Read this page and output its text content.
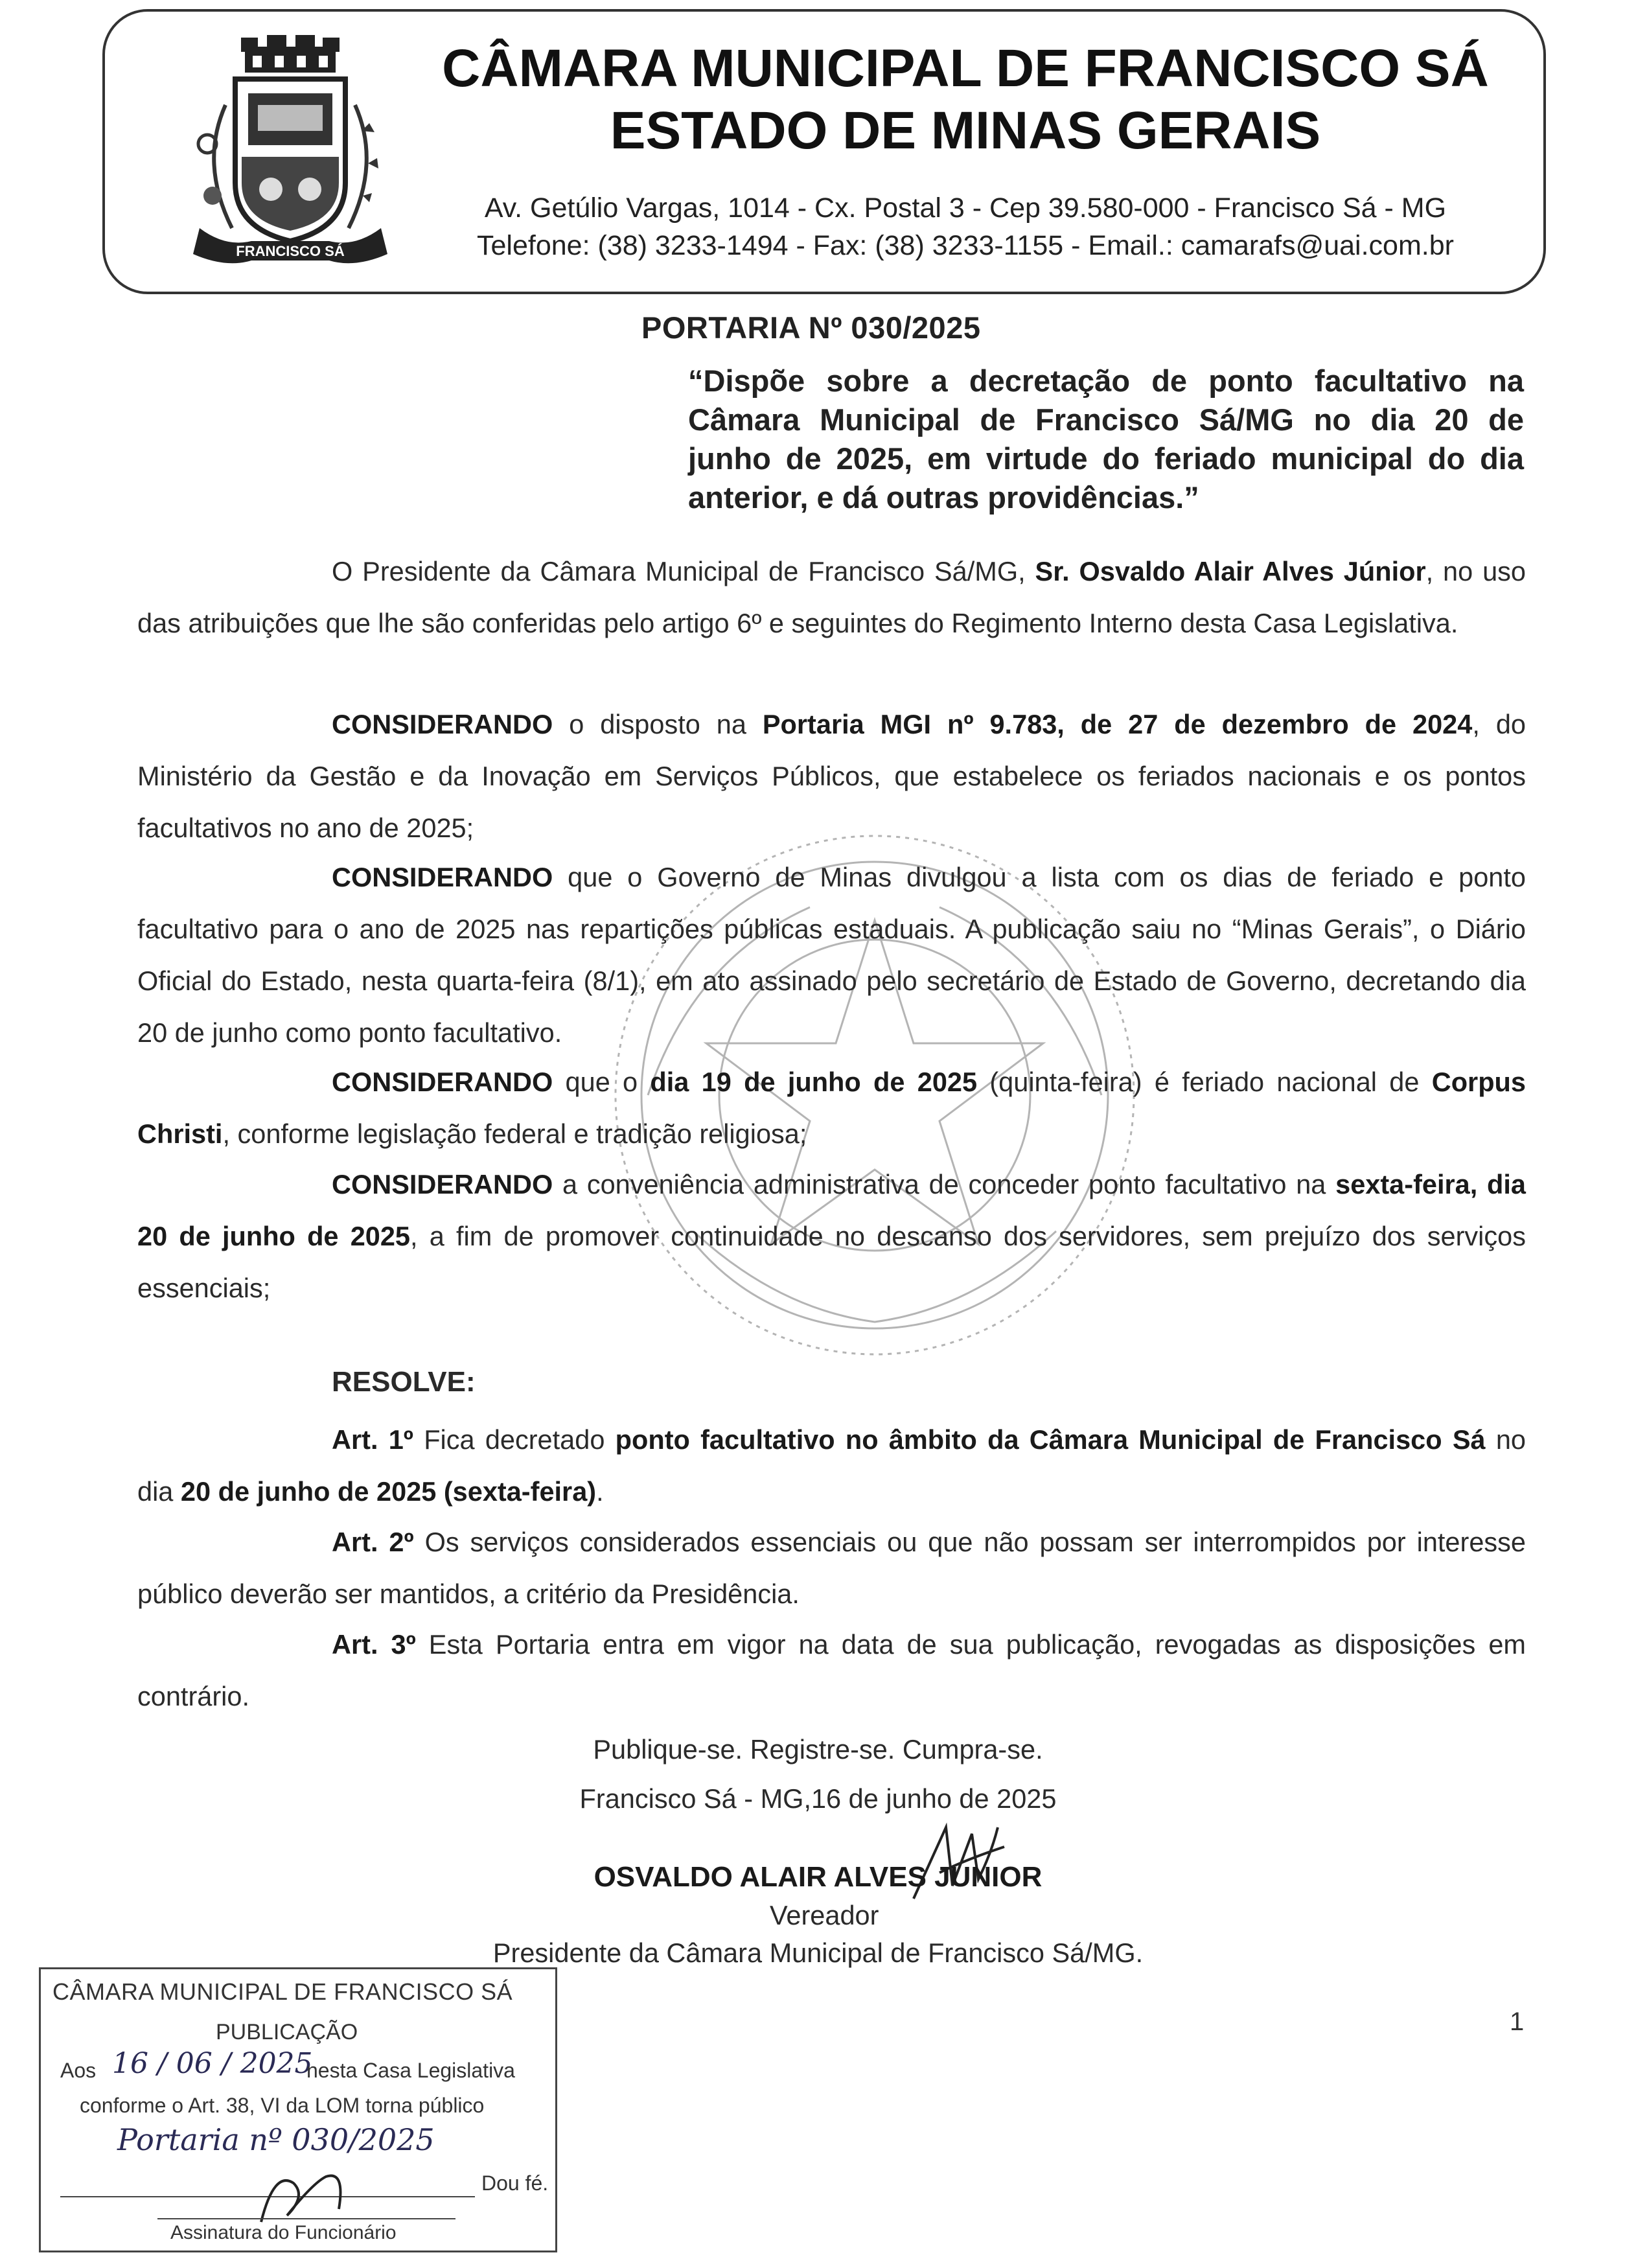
FRANCISCO SÁ
CÂMARA MUNICIPAL DE FRANCISCO SÁ
ESTADO DE MINAS GERAIS
Av. Getúlio Vargas, 1014 - Cx. Postal 3 - Cep 39.580-000 - Francisco Sá - MG
Telefone: (38) 3233-1494 - Fax: (38) 3233-1155 - Email.: camarafs@uai.com.br
PORTARIA Nº 030/2025
“Dispõe sobre a decretação de ponto facultativo na Câmara Municipal de Francisco Sá/MG no dia 20 de junho de 2025, em virtude do feriado municipal do dia anterior, e dá outras providências.”
O Presidente da Câmara Municipal de Francisco Sá/MG, Sr. Osvaldo Alair Alves Júnior, no uso das atribuições que lhe são conferidas pelo artigo 6º e seguintes do Regimento Interno desta Casa Legislativa.
CONSIDERANDO o disposto na Portaria MGI nº 9.783, de 27 de dezembro de 2024, do Ministério da Gestão e da Inovação em Serviços Públicos, que estabelece os feriados nacionais e os pontos facultativos no ano de 2025;
CONSIDERANDO que o Governo de Minas divulgou a lista com os dias de feriado e ponto facultativo para o ano de 2025 nas repartições públicas estaduais. A publicação saiu no “Minas Gerais”, o Diário Oficial do Estado, nesta quarta-feira (8/1), em ato assinado pelo secretário de Estado de Governo, decretando dia 20 de junho como ponto facultativo.
CONSIDERANDO que o dia 19 de junho de 2025 (quinta-feira) é feriado nacional de Corpus Christi, conforme legislação federal e tradição religiosa;
CONSIDERANDO a conveniência administrativa de conceder ponto facultativo na sexta-feira, dia 20 de junho de 2025, a fim de promover continuidade no descanso dos servidores, sem prejuízo dos serviços essenciais;
RESOLVE:
Art. 1º Fica decretado ponto facultativo no âmbito da Câmara Municipal de Francisco Sá no dia 20 de junho de 2025 (sexta-feira).
Art. 2º Os serviços considerados essenciais ou que não possam ser interrompidos por interesse público deverão ser mantidos, a critério da Presidência.
Art. 3º Esta Portaria entra em vigor na data de sua publicação, revogadas as disposições em contrário.
Publique-se. Registre-se. Cumpra-se.
Francisco Sá - MG,16 de junho de 2025
OSVALDO ALAIR ALVES JUNIOR
Vereador
Presidente da Câmara Municipal de Francisco Sá/MG.
1
CÂMARA MUNICIPAL DE FRANCISCO SÁ
PUBLICAÇÃO
Aos 16 / 06 / 2025
nesta Casa Legislativa
conforme o Art. 38, VI da LOM torna público
Portaria nº 030/2025
Dou fé.
Assinatura do Funcionário
